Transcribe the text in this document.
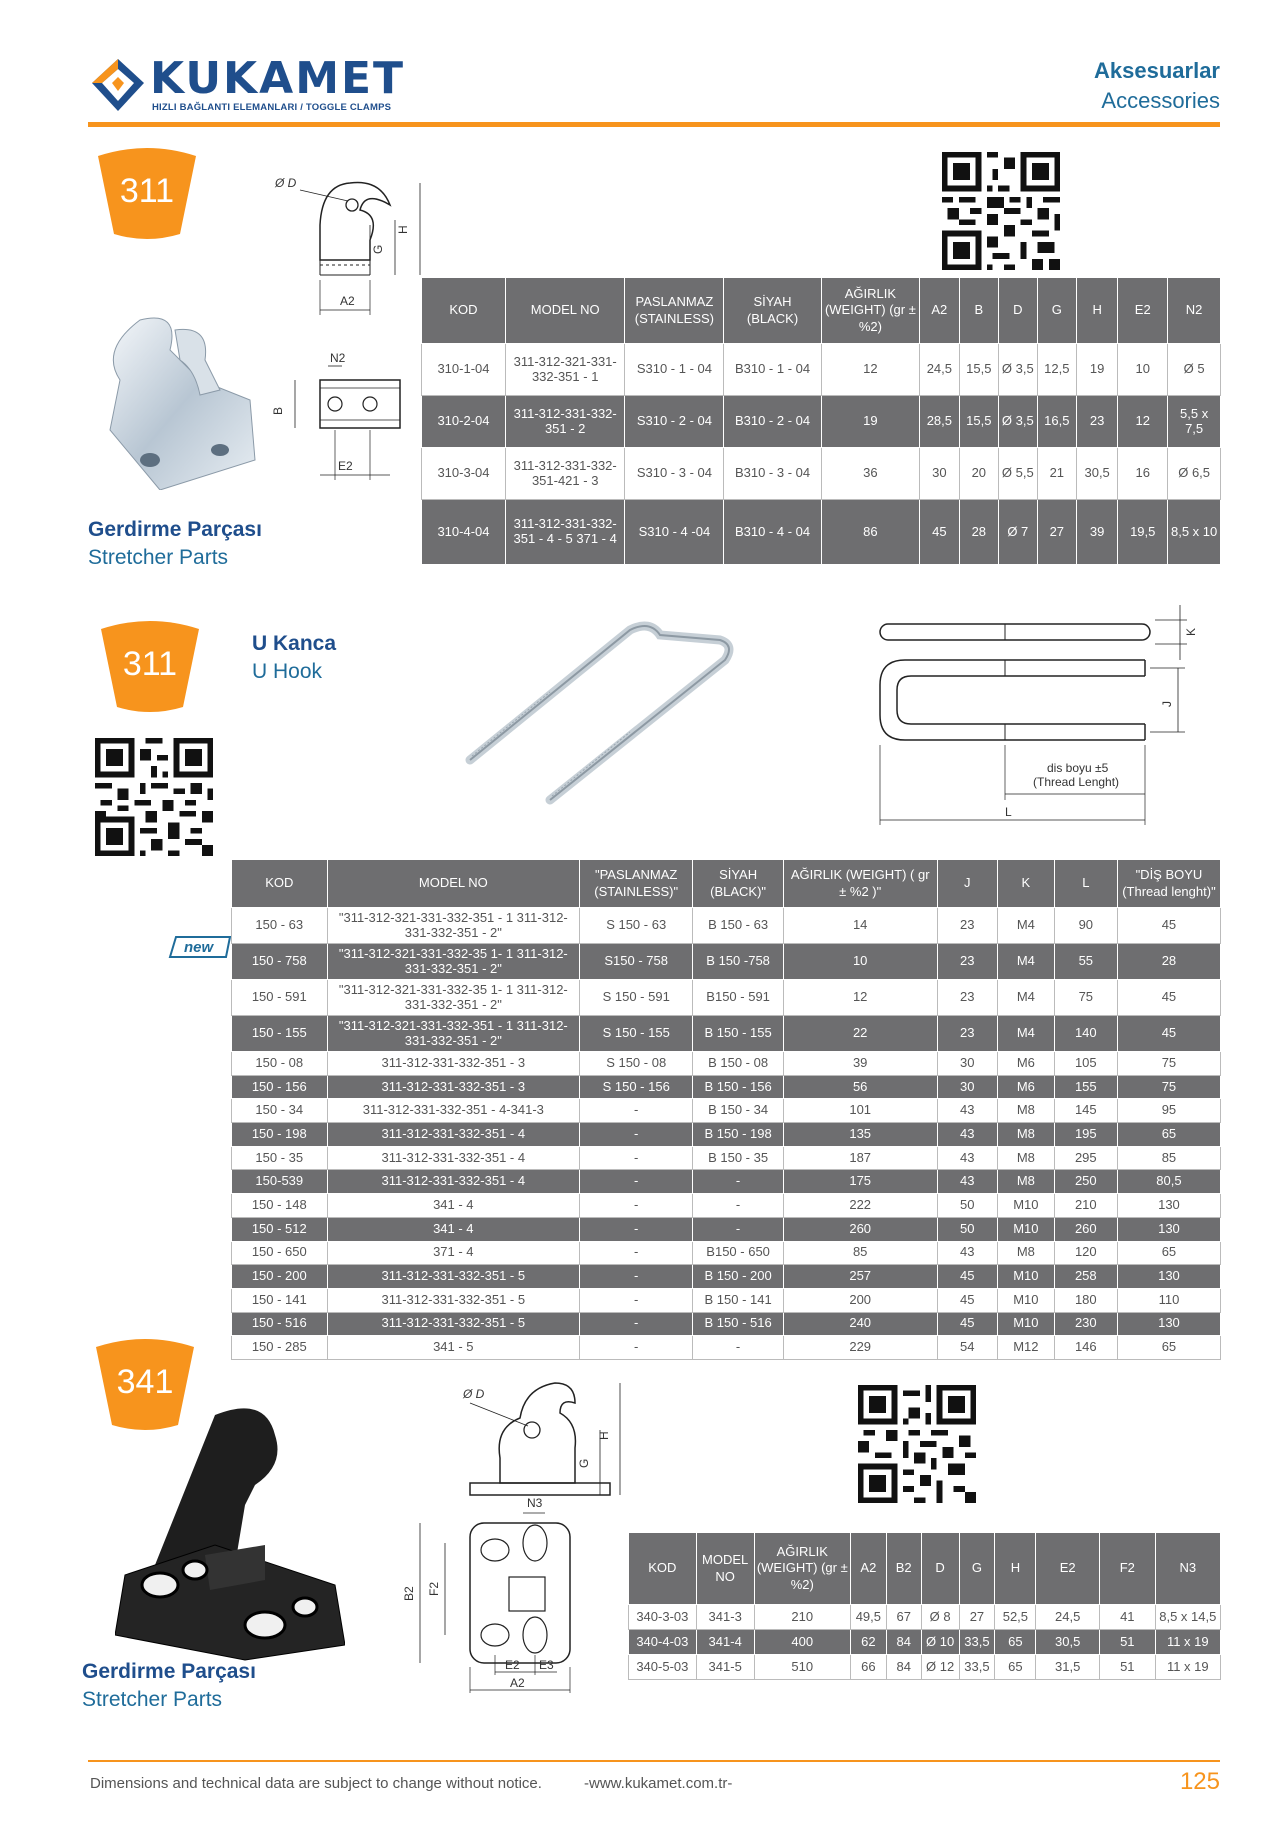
KUKAMET
HIZLI BAĞLANTI ELEMANLARI / TOGGLE CLAMPS
Aksesuarlar
Accessories
311	Ø D
A2
G
H
N2
B
E2
KOD	MODEL NO	PASLANMAZ (STAINLESS)	SİYAH (BLACK)	AĞIRLIK (WEIGHT) (gr ±%2)	A2	B	D	G	H	E2	N2
310-1-04	311-312-321-331-332-351 - 1	S310 - 1 - 04	B310 - 1 - 04	12	24,5	15,5	Ø 3,5	12,5	19	10	Ø 5
310-2-04	311-312-331-332-351 - 2	S310 - 2 - 04	B310 - 2 - 04	19	28,5	15,5	Ø 3,5	16,5	23	12	5,5 x 7,5
310-3-04	311-312-331-332-351-421 - 3	S310 - 3 - 04	B310 - 3 - 04	36	30	20	Ø 5,5	21	30,5	16	Ø 6,5
310-4-04	311-312-331-332-351 - 4 - 5 371 - 4	S310 - 4 -04	B310 - 4 - 04	86	45	28	Ø 7	27	39	19,5	8,5 x 10
Gerdirme Parçası
Stretcher Parts
311
U Kanca
U Hook
K
J
dis boyu ±5
(Thread Lenght)
L
new
KOD	MODEL NO	"PASLANMAZ (STAINLESS)"	SİYAH (BLACK)"	AĞIRLIK (WEIGHT) ( gr ± %2 )"	J	K	L	"DİŞ BOYU (Thread lenght)"
150 - 63	"311-312-321-331-332-351 - 1 311-312-331-332-351 - 2"	S 150 - 63	B 150 - 63	14	23	M4	90	45
150 - 758	"311-312-321-331-332-35 1- 1 311-312-331-332-351 - 2"	S150 - 758	B 150 -758	10	23	M4	55	28
150 - 591	"311-312-321-331-332-35 1- 1 311-312-331-332-351 - 2"	S 150 - 591	B150 - 591	12	23	M4	75	45
150 - 155	"311-312-321-331-332-351 - 1 311-312-331-332-351 - 2"	S 150 - 155	B 150 - 155	22	23	M4	140	45
150 - 08	311-312-331-332-351 - 3	S 150 - 08	B 150 - 08	39	30	M6	105	75
150 - 156	311-312-331-332-351 - 3	S 150 - 156	B 150 - 156	56	30	M6	155	75
150 - 34	311-312-331-332-351 - 4-341-3	-	B 150 - 34	101	43	M8	145	95
150 - 198	311-312-331-332-351 - 4	-	B 150 - 198	135	43	M8	195	65
150 - 35	311-312-331-332-351 - 4	-	B 150 - 35	187	43	M8	295	85
150-539	311-312-331-332-351 - 4	-	-	175	43	M8	250	80,5
150 - 148	341 - 4	-	-	222	50	M10	210	130
150 - 512	341 - 4	-	-	260	50	M10	260	130
150 - 650	371 - 4	-	B150 - 650	85	43	M8	120	65
150 - 200	311-312-331-332-351 - 5	-	B 150 - 200	257	45	M10	258	130
150 - 141	311-312-331-332-351 - 5	-	B 150 - 141	200	45	M10	180	110
150 - 516	311-312-331-332-351 - 5	-	B 150 - 516	240	45	M10	230	130
150 - 285	341 - 5	-	-	229	54	M12	146	65
341	Ø D
G
H
N3
B2 F2
E2 E3
A2
KOD	MODEL NO	AĞIRLIK (WEIGHT) (gr ±%2)	A2	B2	D	G	H	E2	F2	N3
340-3-03	341-3	210	49,5	67	Ø 8	27	52,5	24,5	41	8,5 x 14,5
340-4-03	341-4	400	62	84	Ø 10	33,5	65	30,5	51	11 x 19
340-5-03	341-5	510	66	84	Ø 12	33,5	65	31,5	51	11 x 19
Gerdirme Parçası
Stretcher Parts
Dimensions and technical data are subject to change without notice.	-www.kukamet.com.tr-	125
